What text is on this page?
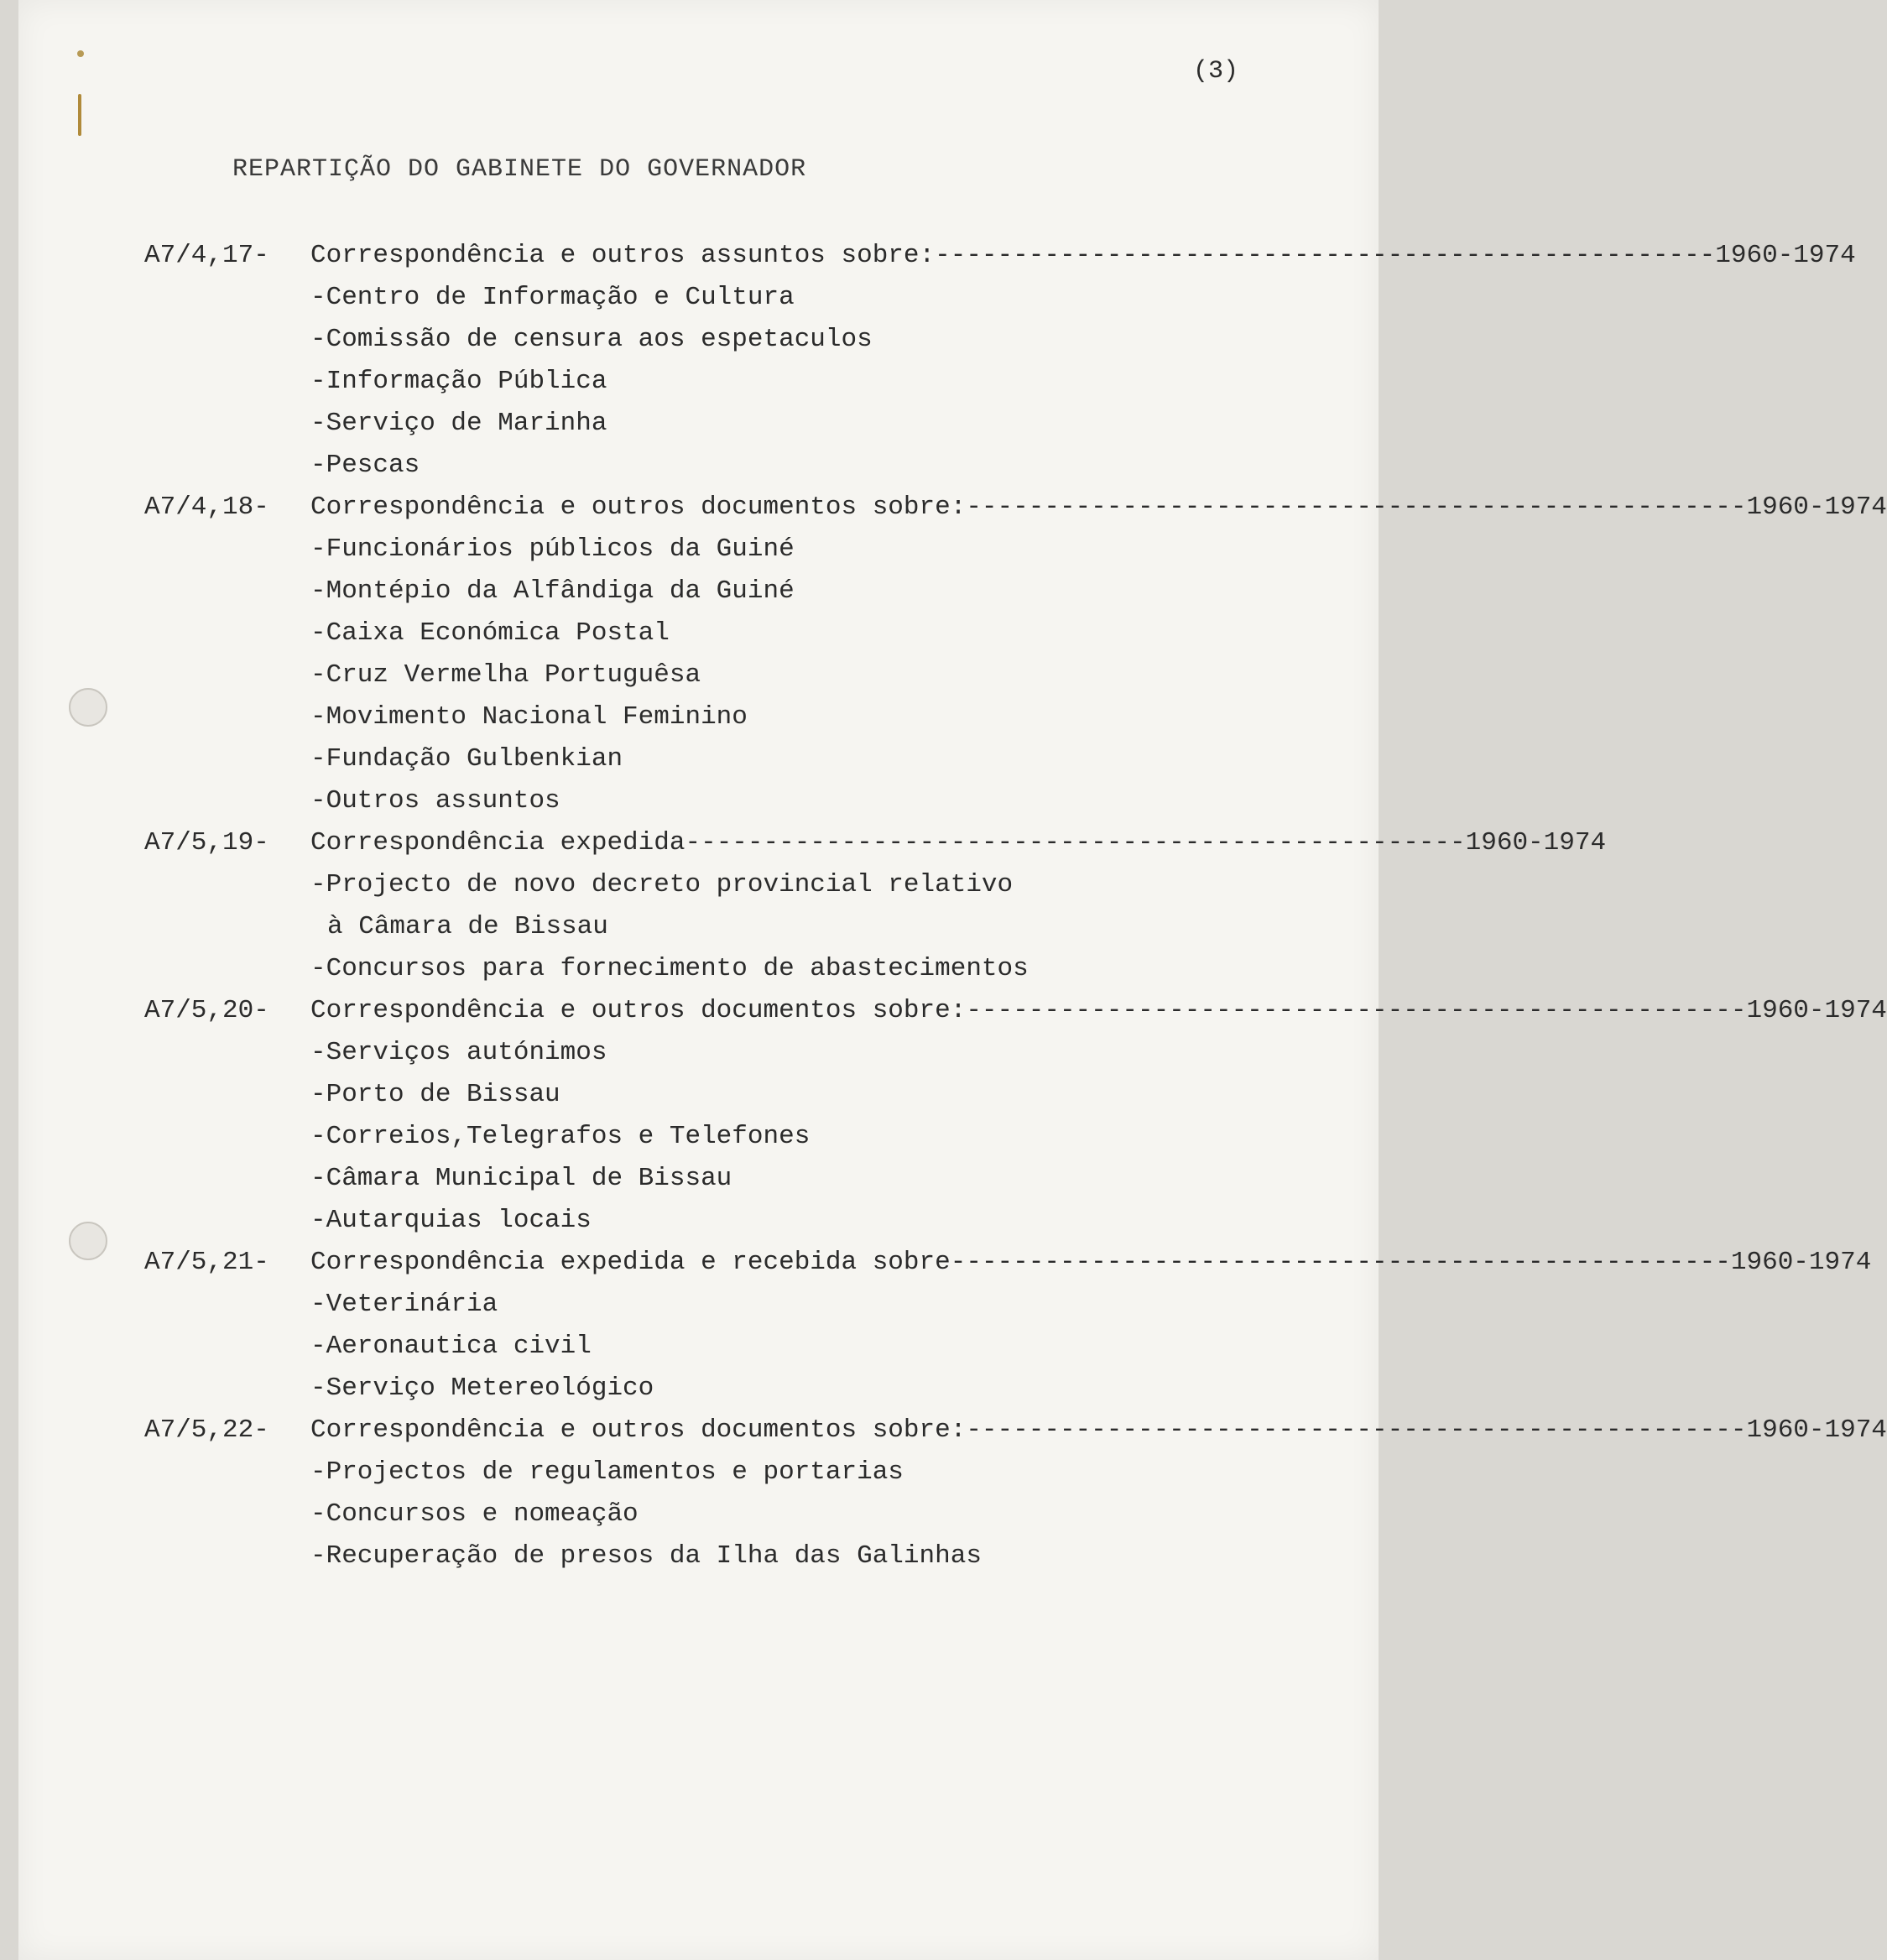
(3)
REPARTIÇÃO DO GABINETE DO GOVERNADOR
A7/4,17- Correspondência e outros assuntos sobre: -------------------------------------------------- 1960-1974
-Centro de Informação e Cultura
-Comissão de censura aos espetaculos
-Informação Pública
-Serviço de Marinha
-Pescas
A7/4,18- Correspondência e outros documentos sobre: -------------------------------------------------- 1960-1974
-Funcionários públicos da Guiné
-Montépio da Alfândiga da Guiné
-Caixa Económica Postal
-Cruz Vermelha Portuguêsa
-Movimento Nacional Feminino
-Fundação Gulbenkian
-Outros assuntos
A7/5,19- Correspondência expedida -------------------------------------------------- 1960-1974
-Projecto de novo decreto provincial relativo
à Câmara de Bissau
-Concursos para fornecimento de abastecimentos
A7/5,20- Correspondência e outros documentos sobre: -------------------------------------------------- 1960-1974
-Serviços autónimos
-Porto de Bissau
-Correios,Telegrafos e Telefones
-Câmara Municipal de Bissau
-Autarquias locais
A7/5,21- Correspondência expedida e recebida sobre -------------------------------------------------- 1960-1974
-Veterinária
-Aeronautica civil
-Serviço Metereológico
A7/5,22- Correspondência e outros documentos sobre: -------------------------------------------------- 1960-1974
-Projectos de regulamentos e portarias
-Concursos e nomeação
-Recuperação de presos da Ilha das Galinhas
